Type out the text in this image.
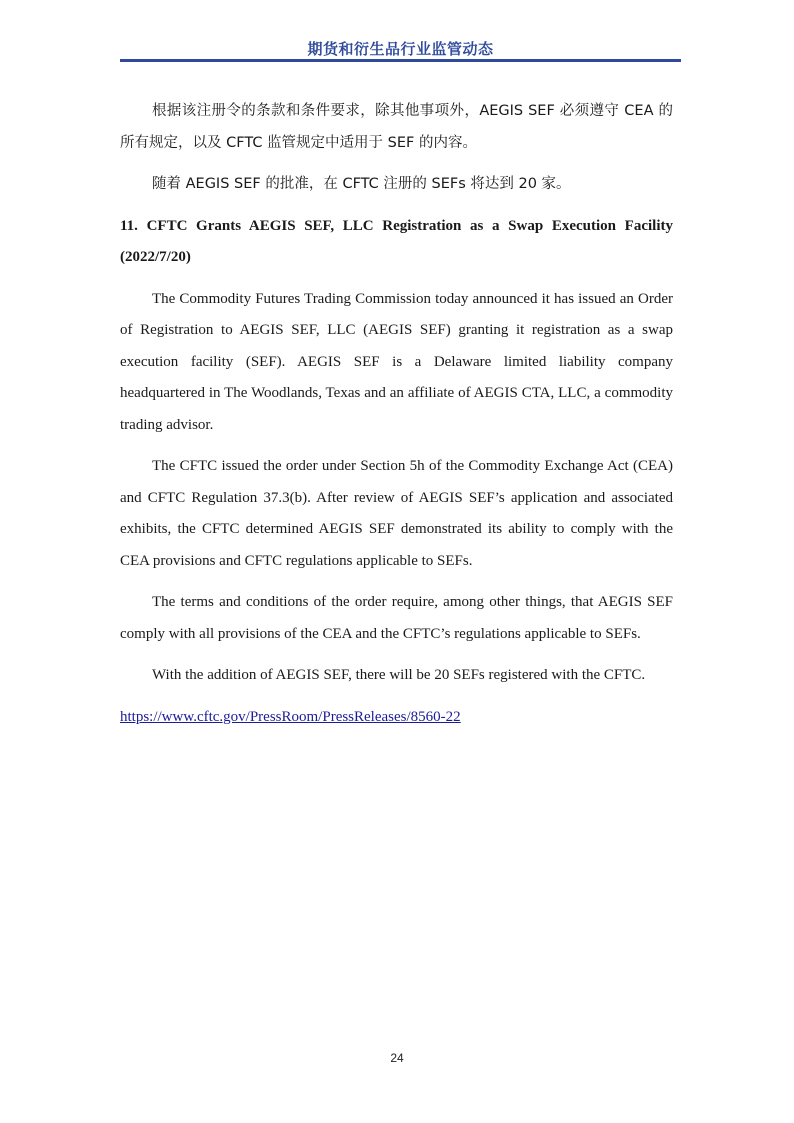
期货和衍生品行业监管动态

根据该注册令的条款和条件要求，除其他事项外，AEGIS SEF 必须遵守 CEA 的所有规定，以及 CFTC 监管规定中适用于 SEF 的内容。

随着 AEGIS SEF 的批准，在 CFTC 注册的 SEFs 将达到 20 家。

11. CFTC Grants AEGIS SEF, LLC Registration as a Swap Execution Facility (2022/7/20)

The Commodity Futures Trading Commission today announced it has issued an Order of Registration to AEGIS SEF, LLC (AEGIS SEF) granting it registration as a swap execution facility (SEF). AEGIS SEF is a Delaware limited liability company headquartered in The Woodlands, Texas and an affiliate of AEGIS CTA, LLC, a commodity trading advisor.

The CFTC issued the order under Section 5h of the Commodity Exchange Act (CEA) and CFTC Regulation 37.3(b). After review of AEGIS SEF’s application and associated exhibits, the CFTC determined AEGIS SEF demonstrated its ability to comply with the CEA provisions and CFTC regulations applicable to SEFs.

The terms and conditions of the order require, among other things, that AEGIS SEF comply with all provisions of the CEA and the CFTC’s regulations applicable to SEFs.

With the addition of AEGIS SEF, there will be 20 SEFs registered with the CFTC.

https://www.cftc.gov/PressRoom/PressReleases/8560-22
24
